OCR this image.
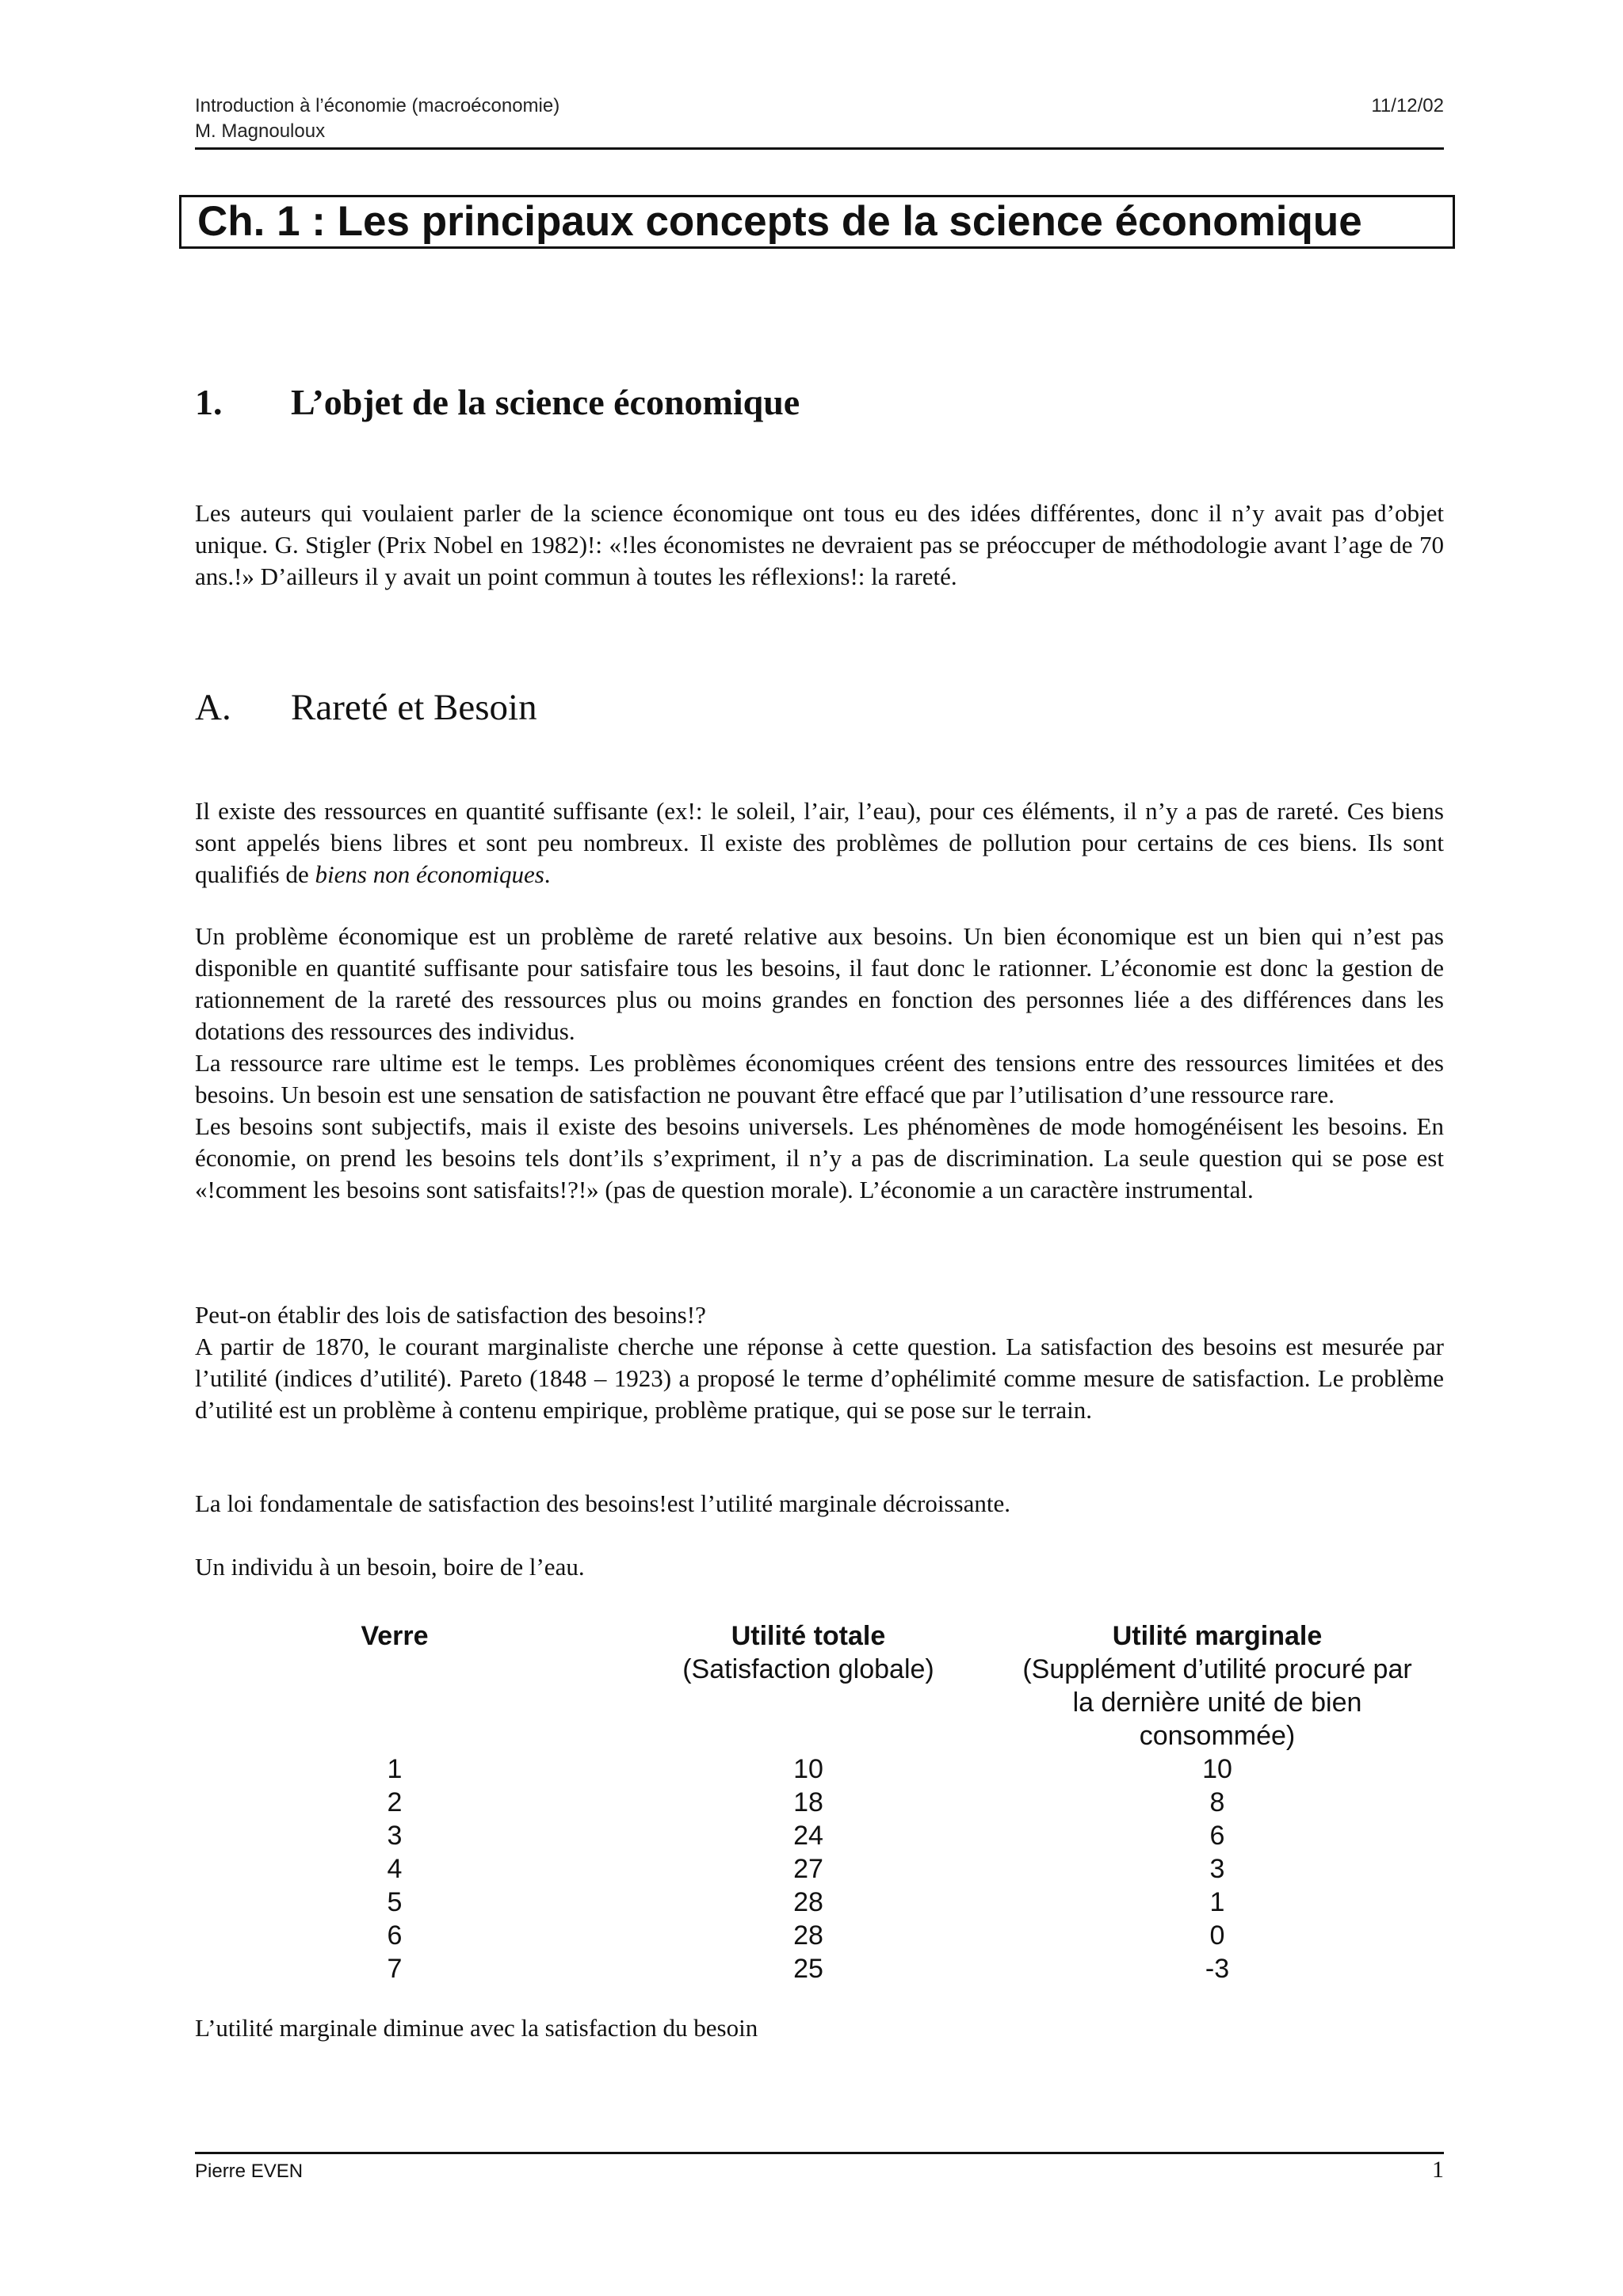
Introduction à l’économie (macroéconomie)	11/12/02
M. Magnouloux
Ch. 1 : Les principaux concepts de la science économique
1.	L’objet de la science économique

Les auteurs qui voulaient parler de la science économique ont tous eu des idées différentes, donc il n’y avait pas d’objet unique. G. Stigler (Prix Nobel en 1982)!: «!les économistes ne devraient pas se préoccuper de méthodologie avant l’age de 70 ans.!» D’ailleurs il y avait un point commun à toutes les réflexions!: la rareté.

A.	Rareté et Besoin

Il existe des ressources en quantité suffisante (ex!: le soleil, l’air, l’eau), pour ces éléments, il n’y a pas de rareté. Ces biens sont appelés biens libres et sont peu nombreux. Il existe des problèmes de pollution pour certains de ces biens. Ils sont qualifiés de biens non économiques.

Un problème économique est un problème de rareté relative aux besoins. Un bien économique est un bien qui n’est pas disponible en quantité suffisante pour satisfaire tous les besoins, il faut donc le rationner. L’économie est donc la gestion de rationnement de la rareté des ressources plus ou moins grandes en fonction des personnes liée a des différences dans les dotations des ressources des individus.

La ressource rare ultime est le temps. Les problèmes économiques créent des tensions entre des ressources limitées et des besoins. Un besoin est une sensation de satisfaction ne pouvant être effacé que par l’utilisation d’une ressource rare.

Les besoins sont subjectifs, mais il existe des besoins universels. Les phénomènes de mode homogénéisent les besoins. En économie, on prend les besoins tels dont’ils s’expriment, il n’y a pas de discrimination. La seule question qui se pose est «!comment les besoins sont satisfaits!?!» (pas de question morale). L’économie a un caractère instrumental.

Peut-on établir des lois de satisfaction des besoins!?

A partir de 1870, le courant marginaliste cherche une réponse à cette question. La satisfaction des besoins est mesurée par l’utilité (indices d’utilité). Pareto (1848 – 1923) a proposé le terme d’ophélimité comme mesure de satisfaction. Le problème d’utilité est un problème à contenu empirique, problème pratique, qui se pose sur le terrain.

La loi fondamentale de satisfaction des besoins!est l’utilité marginale décroissante.

Un individu à un besoin, boire de l’eau.

Verre	Utilité totale
(Satisfaction globale)
Utilité marginale
(Supplément d’utilité procuré par
la dernière unité de bien
consommée)
1	10	10
2	18	8
3	24	6
4	27	3
5	28	1
6	28	0
7	25	-3

L’utilité marginale diminue avec la satisfaction du besoin

Pierre EVEN	1
